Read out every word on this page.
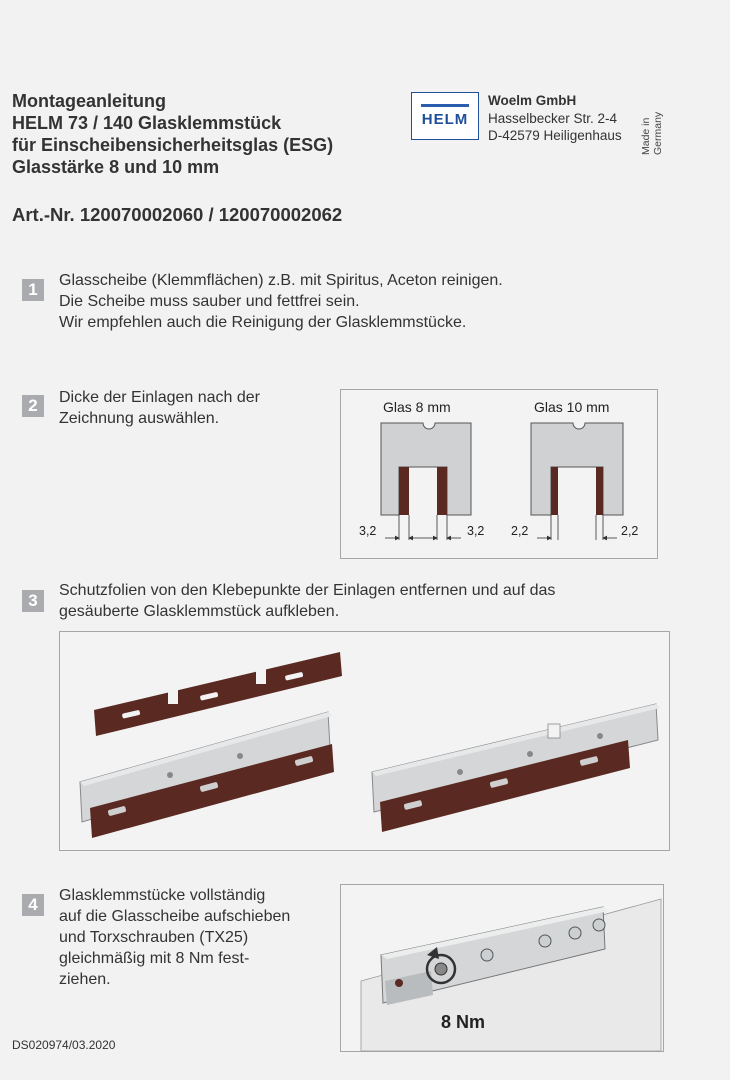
Montageanleitung
HELM 73 / 140 Glasklemmstück
für Einscheibensicherheitsglas (ESG)
Glasstärke 8 und 10 mm
Art.-Nr. 120070002060 / 120070002062
HELM
Woelm GmbH
Hasselbecker Str. 2-4
D-42579 Heiligenhaus Made in Germany
1	Glasscheibe (Klemmflächen) z.B. mit Spiritus, Aceton reinigen.
Die Scheibe muss sauber und fettfrei sein.
Wir empfehlen auch die Reinigung der Glasklemmstücke.
2	Dicke der Einlagen nach der
Zeichnung auswählen.
Glas 8 mm	Glas 10 mm
3,2	3,2 2,2	2,2
3
Schutzfolien von den Klebepunkte der Einlagen entfernen und auf das
gesäuberte Glasklemmstück aufkleben.
4	Glasklemmstücke vollständig
auf die Glasscheibe aufschieben
und Torxschrauben (TX25)
gleichmäßig mit 8 Nm fest-
ziehen.
8 Nm
DS020974/03.2020
